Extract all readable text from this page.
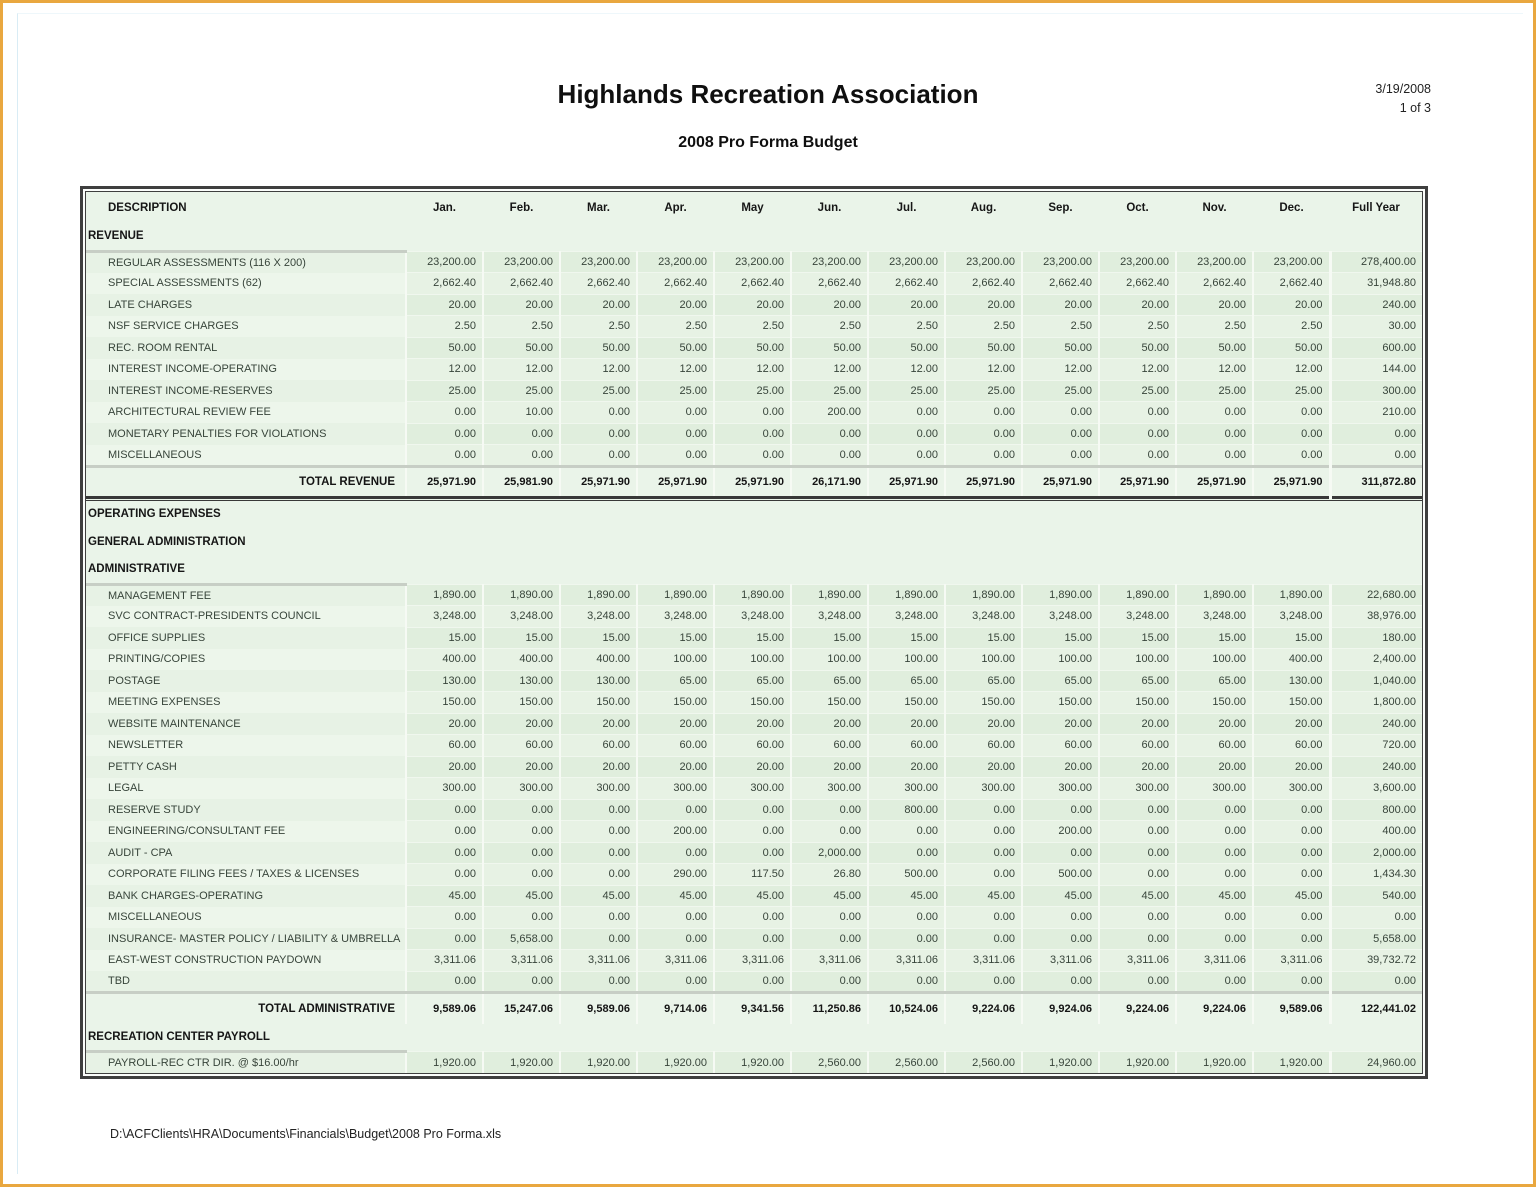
3/19/2008
1 of 3
Highlands Recreation Association
2008 Pro Forma Budget
DESCRIPTION	Jan.	Feb.	Mar.	Apr.	May	Jun.	Jul.	Aug.	Sep.	Oct.	Nov.	Dec.	Full Year
REVENUE													
REGULAR ASSESSMENTS (116 X 200)	23,200.00	23,200.00	23,200.00	23,200.00	23,200.00	23,200.00	23,200.00	23,200.00	23,200.00	23,200.00	23,200.00	23,200.00	278,400.00
SPECIAL ASSESSMENTS (62)	2,662.40	2,662.40	2,662.40	2,662.40	2,662.40	2,662.40	2,662.40	2,662.40	2,662.40	2,662.40	2,662.40	2,662.40	31,948.80
LATE CHARGES	20.00	20.00	20.00	20.00	20.00	20.00	20.00	20.00	20.00	20.00	20.00	20.00	240.00
NSF SERVICE CHARGES	2.50	2.50	2.50	2.50	2.50	2.50	2.50	2.50	2.50	2.50	2.50	2.50	30.00
REC. ROOM RENTAL	50.00	50.00	50.00	50.00	50.00	50.00	50.00	50.00	50.00	50.00	50.00	50.00	600.00
INTEREST INCOME-OPERATING	12.00	12.00	12.00	12.00	12.00	12.00	12.00	12.00	12.00	12.00	12.00	12.00	144.00
INTEREST INCOME-RESERVES	25.00	25.00	25.00	25.00	25.00	25.00	25.00	25.00	25.00	25.00	25.00	25.00	300.00
ARCHITECTURAL REVIEW FEE	0.00	10.00	0.00	0.00	0.00	200.00	0.00	0.00	0.00	0.00	0.00	0.00	210.00
MONETARY PENALTIES FOR VIOLATIONS	0.00	0.00	0.00	0.00	0.00	0.00	0.00	0.00	0.00	0.00	0.00	0.00	0.00
MISCELLANEOUS	0.00	0.00	0.00	0.00	0.00	0.00	0.00	0.00	0.00	0.00	0.00	0.00	0.00
TOTAL REVENUE	25,971.90	25,981.90	25,971.90	25,971.90	25,971.90	26,171.90	25,971.90	25,971.90	25,971.90	25,971.90	25,971.90	25,971.90	311,872.80

OPERATING EXPENSES													
GENERAL ADMINISTRATION													
ADMINISTRATIVE													
MANAGEMENT FEE	1,890.00	1,890.00	1,890.00	1,890.00	1,890.00	1,890.00	1,890.00	1,890.00	1,890.00	1,890.00	1,890.00	1,890.00	22,680.00
SVC CONTRACT-PRESIDENTS COUNCIL	3,248.00	3,248.00	3,248.00	3,248.00	3,248.00	3,248.00	3,248.00	3,248.00	3,248.00	3,248.00	3,248.00	3,248.00	38,976.00
OFFICE SUPPLIES	15.00	15.00	15.00	15.00	15.00	15.00	15.00	15.00	15.00	15.00	15.00	15.00	180.00
PRINTING/COPIES	400.00	400.00	400.00	100.00	100.00	100.00	100.00	100.00	100.00	100.00	100.00	400.00	2,400.00
POSTAGE	130.00	130.00	130.00	65.00	65.00	65.00	65.00	65.00	65.00	65.00	65.00	130.00	1,040.00
MEETING EXPENSES	150.00	150.00	150.00	150.00	150.00	150.00	150.00	150.00	150.00	150.00	150.00	150.00	1,800.00
WEBSITE MAINTENANCE	20.00	20.00	20.00	20.00	20.00	20.00	20.00	20.00	20.00	20.00	20.00	20.00	240.00
NEWSLETTER	60.00	60.00	60.00	60.00	60.00	60.00	60.00	60.00	60.00	60.00	60.00	60.00	720.00
PETTY CASH	20.00	20.00	20.00	20.00	20.00	20.00	20.00	20.00	20.00	20.00	20.00	20.00	240.00
LEGAL	300.00	300.00	300.00	300.00	300.00	300.00	300.00	300.00	300.00	300.00	300.00	300.00	3,600.00
RESERVE STUDY	0.00	0.00	0.00	0.00	0.00	0.00	800.00	0.00	0.00	0.00	0.00	0.00	800.00
ENGINEERING/CONSULTANT FEE	0.00	0.00	0.00	200.00	0.00	0.00	0.00	0.00	200.00	0.00	0.00	0.00	400.00
AUDIT - CPA	0.00	0.00	0.00	0.00	0.00	2,000.00	0.00	0.00	0.00	0.00	0.00	0.00	2,000.00
CORPORATE FILING FEES / TAXES & LICENSES	0.00	0.00	0.00	290.00	117.50	26.80	500.00	0.00	500.00	0.00	0.00	0.00	1,434.30
BANK CHARGES-OPERATING	45.00	45.00	45.00	45.00	45.00	45.00	45.00	45.00	45.00	45.00	45.00	45.00	540.00
MISCELLANEOUS	0.00	0.00	0.00	0.00	0.00	0.00	0.00	0.00	0.00	0.00	0.00	0.00	0.00
INSURANCE- MASTER POLICY / LIABILITY & UMBRELLA	0.00	5,658.00	0.00	0.00	0.00	0.00	0.00	0.00	0.00	0.00	0.00	0.00	5,658.00
EAST-WEST CONSTRUCTION PAYDOWN	3,311.06	3,311.06	3,311.06	3,311.06	3,311.06	3,311.06	3,311.06	3,311.06	3,311.06	3,311.06	3,311.06	3,311.06	39,732.72
TBD	0.00	0.00	0.00	0.00	0.00	0.00	0.00	0.00	0.00	0.00	0.00	0.00	0.00
TOTAL ADMINISTRATIVE	9,589.06	15,247.06	9,589.06	9,714.06	9,341.56	11,250.86	10,524.06	9,224.06	9,924.06	9,224.06	9,224.06	9,589.06	122,441.02
RECREATION CENTER PAYROLL													
PAYROLL-REC CTR DIR. @ $16.00/hr	1,920.00	1,920.00	1,920.00	1,920.00	1,920.00	2,560.00	2,560.00	2,560.00	1,920.00	1,920.00	1,920.00	1,920.00	24,960.00
D:\ACFClients\HRA\Documents\Financials\Budget\2008 Pro Forma.xls
